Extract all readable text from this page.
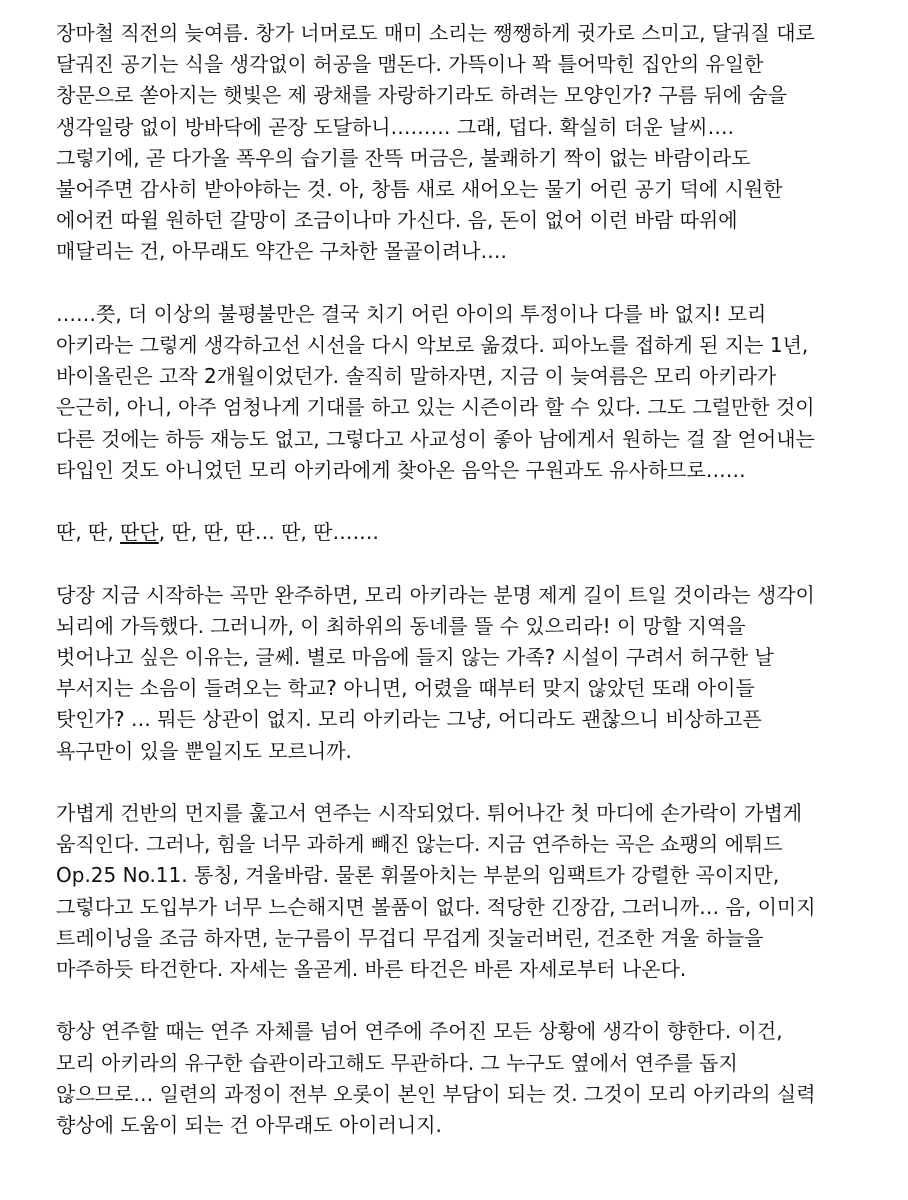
장마철 직전의 늦여름. 창가 너머로도 매미 소리는 쨍쨍하게 귓가로 스미고, 달궈질 대로
달궈진 공기는 식을 생각없이 허공을 맴돈다. 가뜩이나 꽉 틀어막힌 집안의 유일한
창문으로 쏟아지는 햇빛은 제 광채를 자랑하기라도 하려는 모양인가? 구름 뒤에 숨을
생각일랑 없이 방바닥에 곧장 도달하니……… 그래, 덥다. 확실히 더운 날씨….
그렇기에, 곧 다가올 폭우의 습기를 잔뜩 머금은, 불쾌하기 짝이 없는 바람이라도
불어주면 감사히 받아야하는 것. 아, 창틈 새로 새어오는 물기 어린 공기 덕에 시원한
에어컨 따윌 원하던 갈망이 조금이나마 가신다. 음, 돈이 없어 이런 바람 따위에
매달리는 건, 아무래도 약간은 구차한 몰골이려나….
……쯧, 더 이상의 불평불만은 결국 치기 어린 아이의 투정이나 다를 바 없지! 모리
아키라는 그렇게 생각하고선 시선을 다시 악보로 옮겼다. 피아노를 접하게 된 지는 1년,
바이올린은 고작 2개월이었던가. 솔직히 말하자면, 지금 이 늦여름은 모리 아키라가
은근히, 아니, 아주 엄청나게 기대를 하고 있는 시즌이라 할 수 있다. 그도 그럴만한 것이
다른 것에는 하등 재능도 없고, 그렇다고 사교성이 좋아 남에게서 원하는 걸 잘 얻어내는
타입인 것도 아니었던 모리 아키라에게 찾아온 음악은 구원과도 유사하므로……
딴, 딴, 딴단, 딴, 딴, 딴… 딴, 딴…….
당장 지금 시작하는 곡만 완주하면, 모리 아키라는 분명 제게 길이 트일 것이라는 생각이
뇌리에 가득했다. 그러니까, 이 최하위의 동네를 뜰 수 있으리라! 이 망할 지역을
벗어나고 싶은 이유는, 글쎄. 별로 마음에 들지 않는 가족? 시설이 구려서 허구한 날
부서지는 소음이 들려오는 학교? 아니면, 어렸을 때부터 맞지 않았던 또래 아이들
탓인가? … 뭐든 상관이 없지. 모리 아키라는 그냥, 어디라도 괜찮으니 비상하고픈
욕구만이 있을 뿐일지도 모르니까.
가볍게 건반의 먼지를 훑고서 연주는 시작되었다. 튀어나간 첫 마디에 손가락이 가볍게
움직인다. 그러나, 힘을 너무 과하게 빼진 않는다. 지금 연주하는 곡은 쇼팽의 에튀드
Op.25 No.11. 통칭, 겨울바람. 물론 휘몰아치는 부분의 임팩트가 강렬한 곡이지만,
그렇다고 도입부가 너무 느슨해지면 볼품이 없다. 적당한 긴장감, 그러니까… 음, 이미지
트레이닝을 조금 하자면, 눈구름이 무겁디 무겁게 짓눌러버린, 건조한 겨울 하늘을
마주하듯 타건한다. 자세는 올곧게. 바른 타건은 바른 자세로부터 나온다.
항상 연주할 때는 연주 자체를 넘어 연주에 주어진 모든 상황에 생각이 향한다. 이건,
모리 아키라의 유구한 습관이라고해도 무관하다. 그 누구도 옆에서 연주를 돕지
않으므로… 일련의 과정이 전부 오롯이 본인 부담이 되는 것. 그것이 모리 아키라의 실력
향상에 도움이 되는 건 아무래도 아이러니지.
